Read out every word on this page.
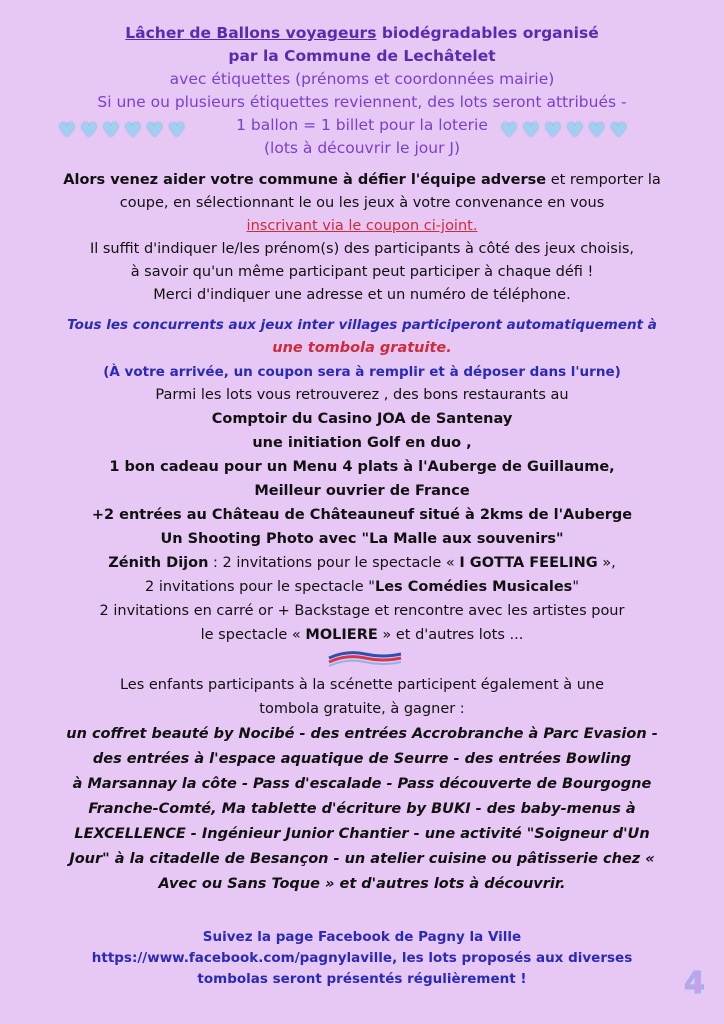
Lâcher de Ballons voyageurs biodégradables organisé
par la Commune de Lechâtelet
avec étiquettes (prénoms et coordonnées mairie)
Si une ou plusieurs étiquettes reviennent, des lots seront attribués -
1 ballon = 1 billet pour la loterie
(lots à découvrir le jour J)
♥ ♥ ♥ ♥ ♥ ♥	♥ ♥ ♥ ♥ ♥ ♥
Alors venez aider votre commune à défier l'équipe adverse et remporter la
coupe, en sélectionnant le ou les jeux à votre convenance en vous
inscrivant via le coupon ci-joint.
Il suffit d'indiquer le/les prénom(s) des participants à côté des jeux choisis,
à savoir qu'un même participant peut participer à chaque défi !
Merci d'indiquer une adresse et un numéro de téléphone.
Tous les concurrents aux jeux inter villages participeront automatiquement à
une tombola gratuite.
(À votre arrivée, un coupon sera à remplir et à déposer dans l'urne)
Parmi les lots vous retrouverez , des bons restaurants au
Comptoir du Casino JOA de Santenay
une initiation Golf en duo ,
1 bon cadeau pour un Menu 4 plats à l'Auberge de Guillaume,
Meilleur ouvrier de France
+2 entrées au Château de Châteauneuf situé à 2kms de l'Auberge
Un Shooting Photo avec "La Malle aux souvenirs"
Zénith Dijon : 2 invitations pour le spectacle « I GOTTA FEELING »,
2 invitations pour le spectacle "Les Comédies Musicales"
2 invitations en carré or + Backstage et rencontre avec les artistes pour
le spectacle « MOLIERE » et d'autres lots ...
Les enfants participants à la scénette participent également à une
tombola gratuite, à gagner :
un coffret beauté by Nocibé - des entrées Accrobranche à Parc Evasion -
des entrées à l'espace aquatique de Seurre - des entrées Bowling
à Marsannay la côte - Pass d'escalade - Pass découverte de Bourgogne
Franche-Comté, Ma tablette d'écriture by BUKI - des baby-menus à
LEXCELLENCE - Ingénieur Junior Chantier - une activité "Soigneur d'Un
Jour" à la citadelle de Besançon - un atelier cuisine ou pâtisserie chez «
Avec ou Sans Toque » et d'autres lots à découvrir.
Suivez la page Facebook de Pagny la Ville
https://www.facebook.com/pagnylaville, les lots proposés aux diverses
tombolas seront présentés régulièrement !	4
